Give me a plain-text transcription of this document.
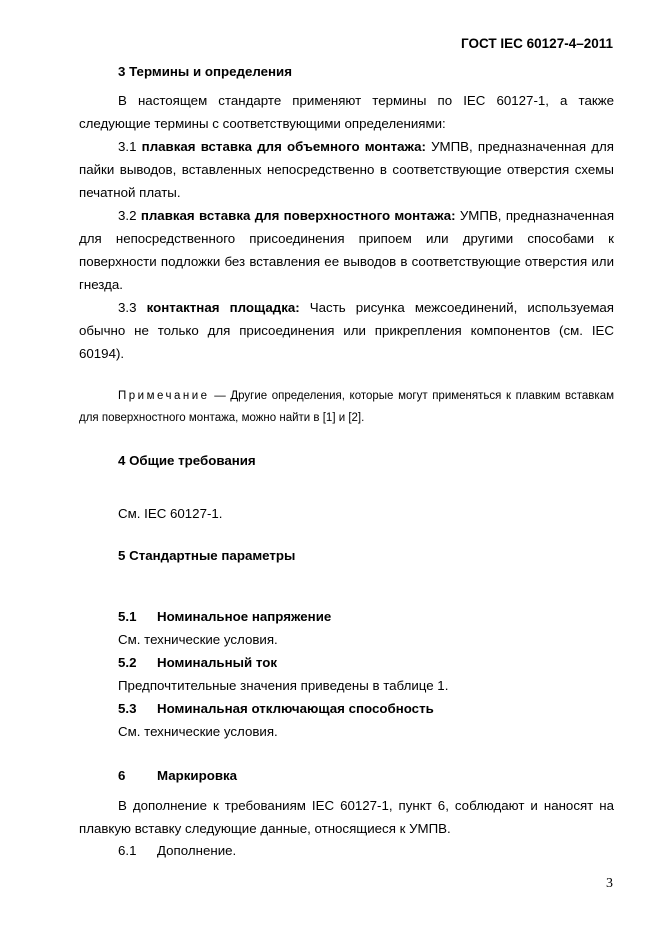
ГОСТ IEC 60127-4–2011
3 Термины и определения
В настоящем стандарте применяют термины по IEC 60127-1, а также следующие термины с соответствующими определениями:
3.1 плавкая вставка для объемного монтажа: УМПВ, предназначенная для пайки выводов, вставленных непосредственно в соответствующие отверстия схемы печатной платы.
3.2 плавкая вставка для поверхностного монтажа: УМПВ, предназначенная для непосредственного присоединения припоем или другими способами к поверхности подложки без вставления ее выводов в соответствующие отверстия или гнезда.
3.3 контактная площадка: Часть рисунка межсоединений, используемая обычно не только для присоединения или прикрепления компонентов (см. IEC 60194).
Примечание — Другие определения, которые могут применяться к плавким вставкам для поверхностного монтажа, можно найти в [1] и [2].
4 Общие требования
См. IEC 60127-1.
5 Стандартные параметры
5.1 Номинальное напряжение
См. технические условия.
5.2 Номинальный ток
Предпочтительные значения приведены в таблице 1.
5.3 Номинальная отключающая способность
См. технические условия.
6 Маркировка
В дополнение к требованиям IEC 60127-1, пункт 6, соблюдают и наносят на плавкую вставку следующие данные, относящиеся к УМПВ.
6.1 Дополнение.
3
